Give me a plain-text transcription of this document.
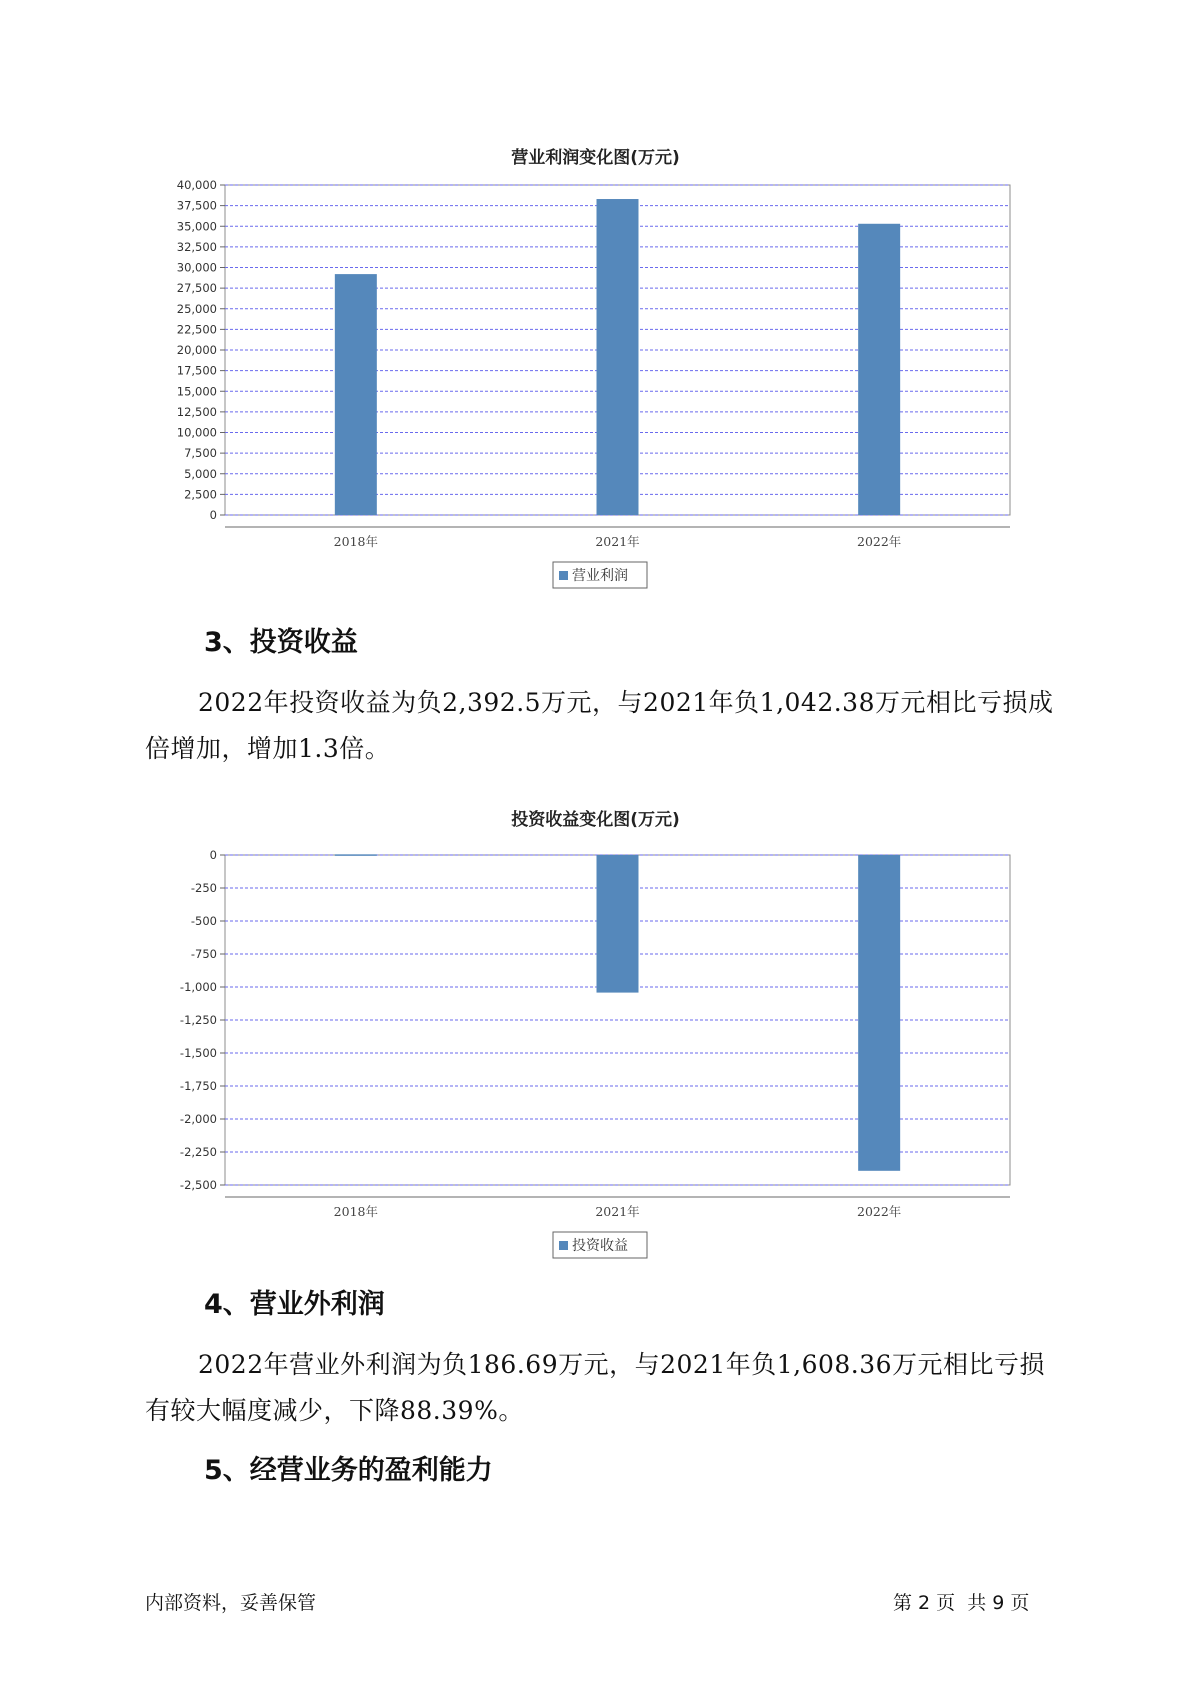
营业利润变化图(万元)
0
2,500
5,000
7,500
10,000
12,500
15,000
17,500
20,000
22,500
25,000
27,500
30,000
32,500
35,000
37,500
40,000
2018年	2021年	2022年
营业利润
3、投资收益
2022年投资收益为负2,392.5万元，与2021年负1,042.38万元相比亏损成倍增加，增加1.3倍。
投资收益变化图(万元)
0
-250
-500
-750
-1,000
-1,250
-1,500
-1,750
-2,000
-2,250
-2,500
2018年	2021年	2022年
投资收益
4、营业外利润
2022年营业外利润为负186.69万元，与2021年负1,608.36万元相比亏损有较大幅度减少，下降88.39%。
5、经营业务的盈利能力
内部资料，妥善保管	第 2 页  共 9 页
